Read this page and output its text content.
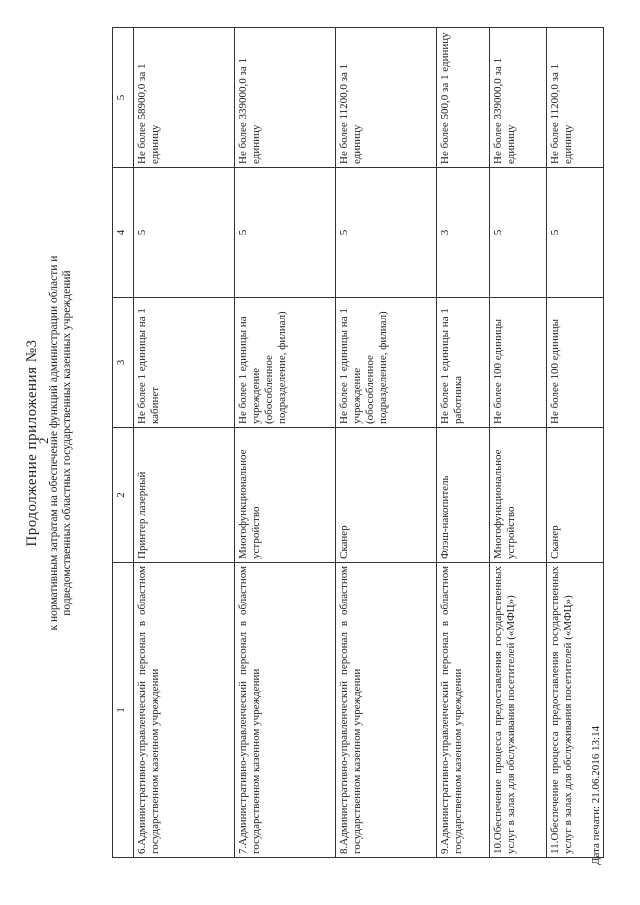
2
Продолжение приложения №3 к нормативным затратам на обеспечение функций администрации области и подведомственных областных государственных казенных учреждений
1	2	3	4	5
6.Административно-управленческий персонал в областном государственном казенном учреждении	Принтер лазерный	Не более 1 единицы на 1 кабинет	5	Не более 58900,0 за 1 единицу
7.Административно-управленческий персонал в областном государственном казенном учреждении	Многофункциональное устройство	Не более 1 единицы на учреждение (обособленное подразделение, филиал)	5	Не более 339000,0 за 1 единицу
8.Административно-управленческий персонал в областном государственном казенном учреждении	Сканер	Не более 1 единицы на 1 учреждение (обособленное подразделение, филиал)	5	Не более 11200,0 за 1 единицу
9.Административно-управленческий персонал в областном государственном казенном учреждении	Флэш-накопитель	Не более 1 единицы на 1 работника	3	Не более 500,0 за 1 единицу
10.Обеспечение процесса предоставления государственных услуг в залах для обслуживания посетителей («МФЦ»)	Многофункциональное устройство	Не более 100 единицы	5	Не более 339000,0 за 1 единицу
11.Обеспечение процесса предоставления государственных услуг в залах для обслуживания посетителей («МФЦ»)	Сканер	Не более 100 единицы	5	Не более 11200,0 за 1 единицу
Дата печати: 21.06.2016 13:14
